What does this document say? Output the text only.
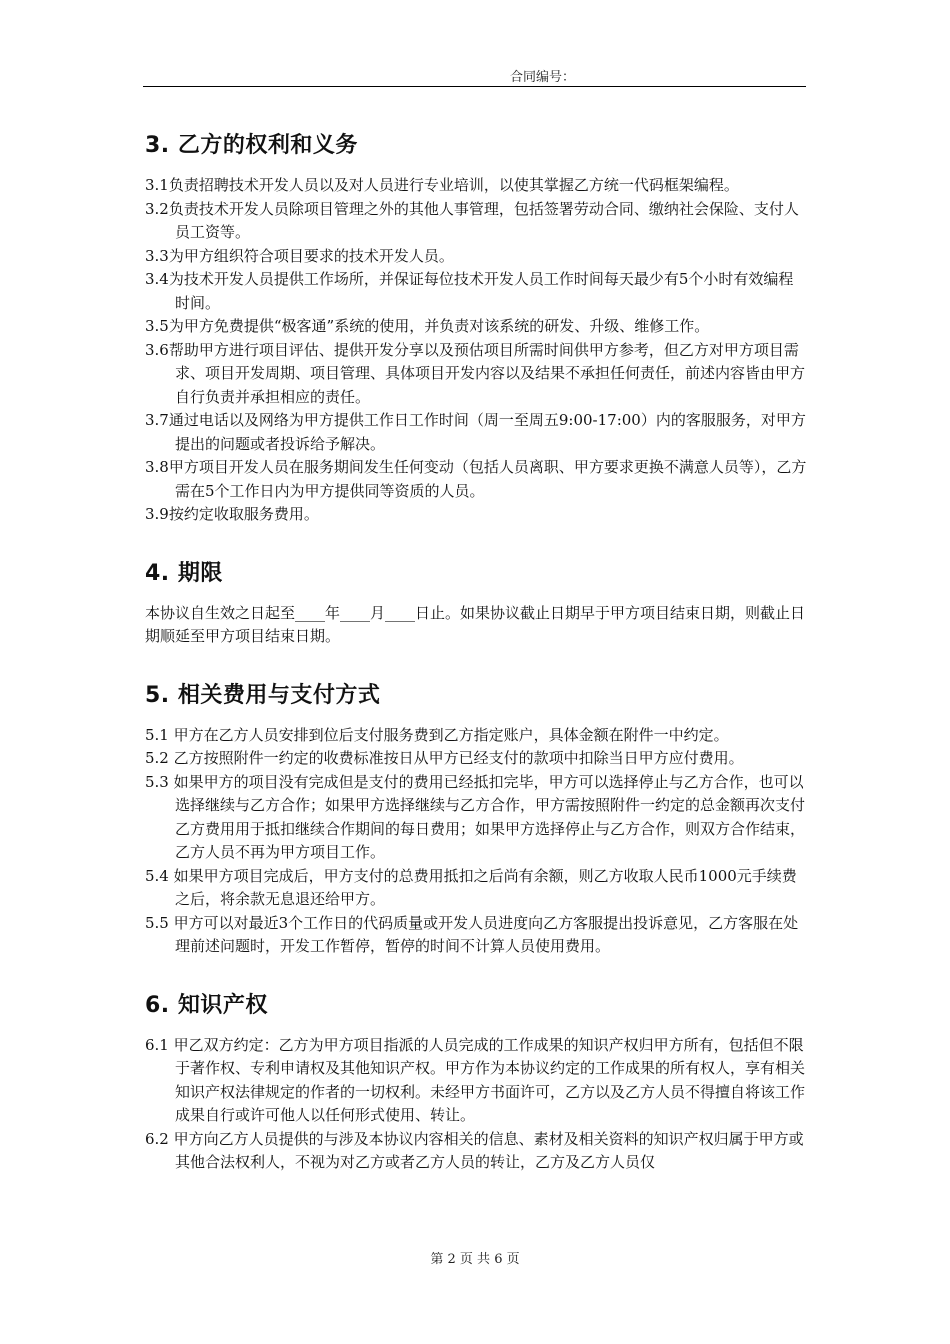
合同编号：
3. 乙方的权利和义务

3.1负责招聘技术开发人员以及对人员进行专业培训，以使其掌握乙方统一代码框架编程。

3.2负责技术开发人员除项目管理之外的其他人事管理，包括签署劳动合同、缴纳社会保险、支付人员工资等。

3.3为甲方组织符合项目要求的技术开发人员。

3.4为技术开发人员提供工作场所，并保证每位技术开发人员工作时间每天最少有5个小时有效编程时间。

3.5为甲方免费提供“极客通”系统的使用，并负责对该系统的研发、升级、维修工作。

3.6帮助甲方进行项目评估、提供开发分享以及预估项目所需时间供甲方参考，但乙方对甲方项目需求、项目开发周期、项目管理、具体项目开发内容以及结果不承担任何责任，前述内容皆由甲方自行负责并承担相应的责任。

3.7通过电话以及网络为甲方提供工作日工作时间（周一至周五9:00-17:00）内的客服服务，对甲方提出的问题或者投诉给予解决。

3.8甲方项目开发人员在服务期间发生任何变动（包括人员离职、甲方要求更换不满意人员等），乙方需在5个工作日内为甲方提供同等资质的人员。

3.9按约定收取服务费用。

4. 期限

本协议自生效之日起至____年____月____日止。如果协议截止日期早于甲方项目结束日期，则截止日期顺延至甲方项目结束日期。

5. 相关费用与支付方式

5.1 甲方在乙方人员安排到位后支付服务费到乙方指定账户，具体金额在附件一中约定。

5.2 乙方按照附件一约定的收费标准按日从甲方已经支付的款项中扣除当日甲方应付费用。

5.3 如果甲方的项目没有完成但是支付的费用已经抵扣完毕，甲方可以选择停止与乙方合作，也可以选择继续与乙方合作；如果甲方选择继续与乙方合作，甲方需按照附件一约定的总金额再次支付乙方费用用于抵扣继续合作期间的每日费用；如果甲方选择停止与乙方合作，则双方合作结束，乙方人员不再为甲方项目工作。

5.4 如果甲方项目完成后，甲方支付的总费用抵扣之后尚有余额，则乙方收取人民币1000元手续费之后，将余款无息退还给甲方。

5.5 甲方可以对最近3个工作日的代码质量或开发人员进度向乙方客服提出投诉意见，乙方客服在处理前述问题时，开发工作暂停，暂停的时间不计算人员使用费用。

6. 知识产权

6.1 甲乙双方约定：乙方为甲方项目指派的人员完成的工作成果的知识产权归甲方所有，包括但不限于著作权、专利申请权及其他知识产权。甲方作为本协议约定的工作成果的所有权人，享有相关知识产权法律规定的作者的一切权利。未经甲方书面许可，乙方以及乙方人员不得擅自将该工作成果自行或许可他人以任何形式使用、转让。

6.2 甲方向乙方人员提供的与涉及本协议内容相关的信息、素材及相关资料的知识产权归属于甲方或其他合法权利人，不视为对乙方或者乙方人员的转让，乙方及乙方人员仅

第 2 页 共 6 页
